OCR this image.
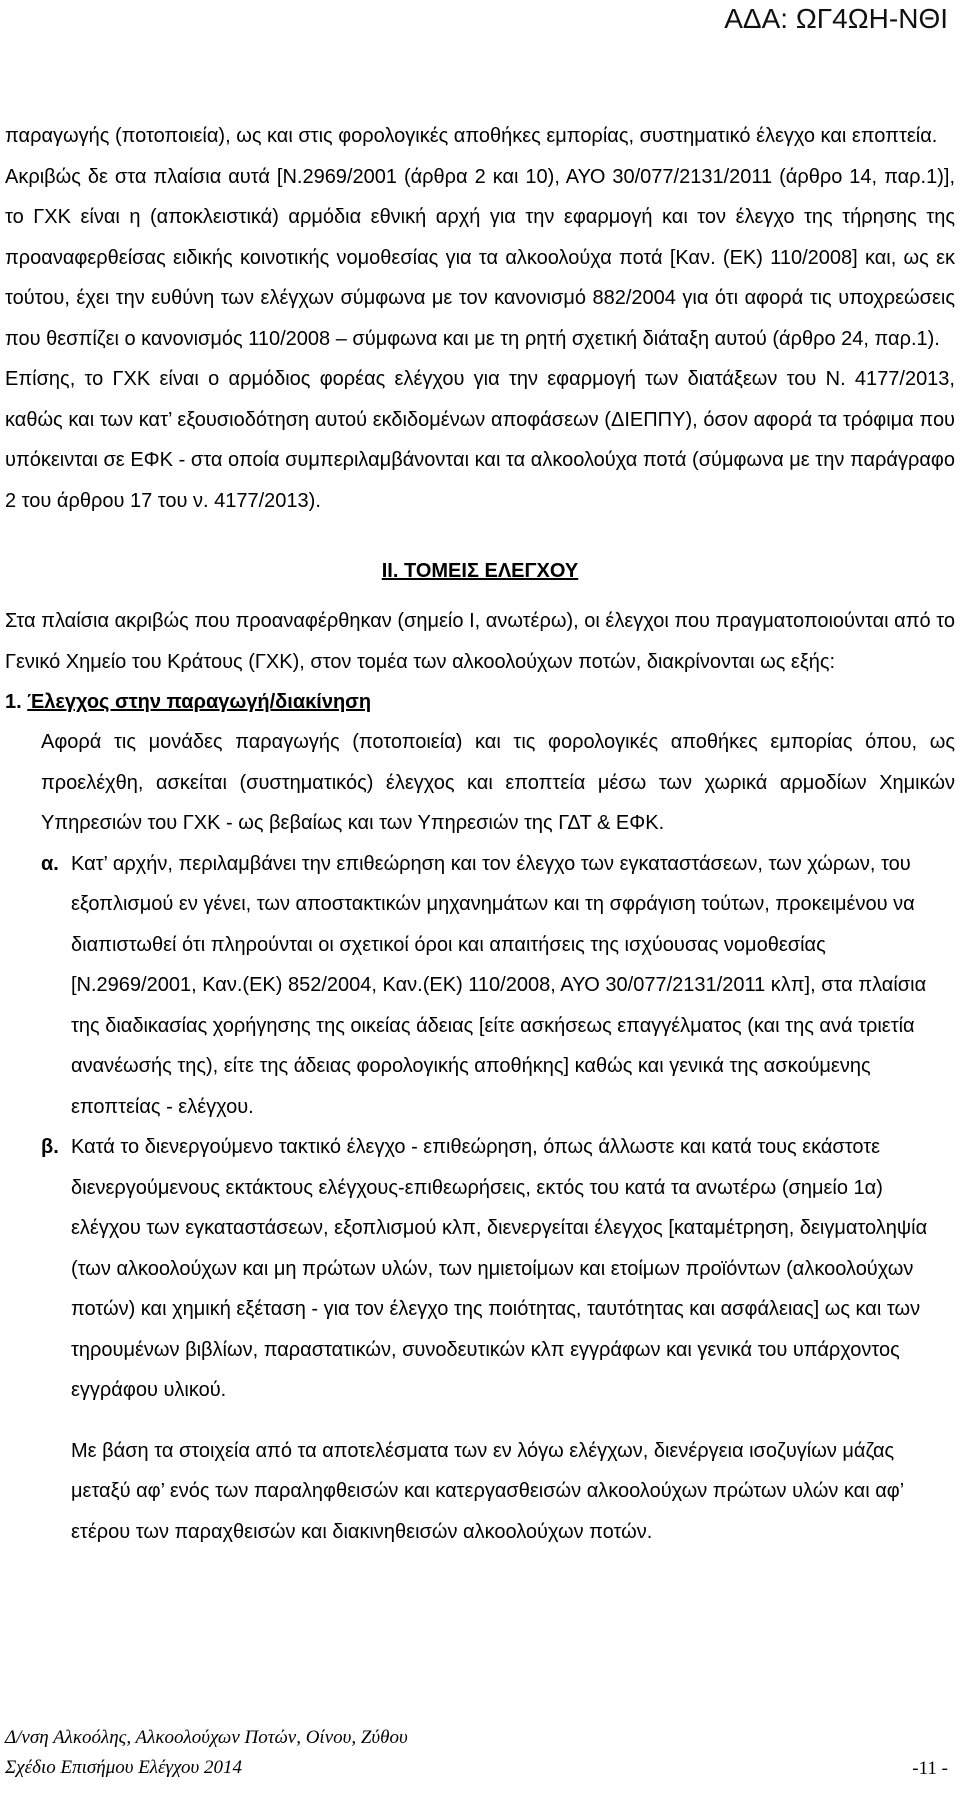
ΑΔΑ: ΩΓ4ΩΗ-ΝΘΙ

παραγωγής (ποτοποιεία), ως και στις φορολογικές αποθήκες εμπορίας, συστηματικό έλεγχο και εποπτεία.

Ακριβώς δε στα πλαίσια αυτά [Ν.2969/2001 (άρθρα 2 και 10), ΑΥΟ 30/077/2131/2011 (άρθρο 14, παρ.1)], το ΓΧΚ είναι η (αποκλειστικά) αρμόδια εθνική αρχή για την εφαρμογή και τον έλεγχο της τήρησης της προαναφερθείσας ειδικής κοινοτικής νομοθεσίας για τα αλκοολούχα ποτά [Καν. (ΕΚ) 110/2008] και, ως εκ τούτου, έχει την ευθύνη των ελέγχων σύμφωνα με τον κανονισμό 882/2004 για ότι αφορά τις υποχρεώσεις που θεσπίζει ο κανονισμός 110/2008 – σύμφωνα και με τη ρητή σχετική διάταξη αυτού (άρθρο 24, παρ.1).

Επίσης, το ΓΧΚ είναι ο αρμόδιος φορέας ελέγχου για την εφαρμογή των διατάξεων του Ν. 4177/2013, καθώς και των κατ’ εξουσιοδότηση αυτού εκδιδομένων αποφάσεων (ΔΙΕΠΠΥ), όσον αφορά τα τρόφιμα που υπόκεινται σε ΕΦΚ - στα οποία συμπεριλαμβάνονται και τα αλκοολούχα ποτά (σύμφωνα με την παράγραφο 2 του άρθρου 17 του ν. 4177/2013).

ΙΙ. ΤΟΜΕΙΣ ΕΛΕΓΧΟΥ

Στα πλαίσια ακριβώς που προαναφέρθηκαν (σημείο Ι, ανωτέρω), οι έλεγχοι που πραγματοποιούνται από το Γενικό Χημείο του Κράτους (ΓΧΚ), στον τομέα των αλκοολούχων ποτών, διακρίνονται ως εξής:

1. Έλεγχος στην παραγωγή/διακίνηση

Αφορά τις μονάδες παραγωγής (ποτοποιεία) και τις φορολογικές αποθήκες εμπορίας όπου, ως προελέχθη, ασκείται (συστηματικός) έλεγχος και εποπτεία μέσω των χωρικά αρμοδίων Χημικών Υπηρεσιών του ΓΧΚ - ως βεβαίως και των Υπηρεσιών της ΓΔΤ & ΕΦΚ.

α. Κατ’ αρχήν, περιλαμβάνει την επιθεώρηση και τον έλεγχο των εγκαταστάσεων, των χώρων, του εξοπλισμού εν γένει, των αποστακτικών μηχανημάτων και τη σφράγιση τούτων, προκειμένου να διαπιστωθεί ότι πληρούνται οι σχετικοί όροι και απαιτήσεις της ισχύουσας νομοθεσίας [Ν.2969/2001, Καν.(ΕΚ) 852/2004, Καν.(ΕΚ) 110/2008, ΑΥΟ 30/077/2131/2011 κλπ], στα πλαίσια της διαδικασίας χορήγησης της οικείας άδειας [είτε ασκήσεως επαγγέλματος (και της ανά τριετία ανανέωσής της), είτε της άδειας φορολογικής αποθήκης] καθώς και γενικά της ασκούμενης εποπτείας - ελέγχου.
β. Κατά το διενεργούμενο τακτικό έλεγχο - επιθεώρηση, όπως άλλωστε και κατά τους εκάστοτε διενεργούμενους εκτάκτους ελέγχους-επιθεωρήσεις, εκτός του κατά τα ανωτέρω (σημείο 1α) ελέγχου των εγκαταστάσεων, εξοπλισμού κλπ, διενεργείται έλεγχος [καταμέτρηση, δειγματοληψία (των αλκοολούχων και μη πρώτων υλών, των ημιετοίμων και ετοίμων προϊόντων (αλκοολούχων ποτών) και χημική εξέταση - για τον έλεγχο της ποιότητας, ταυτότητας και ασφάλειας] ως και των τηρουμένων βιβλίων, παραστατικών, συνοδευτικών κλπ εγγράφων και γενικά του υπάρχοντος εγγράφου υλικού.

Με βάση τα στοιχεία από τα αποτελέσματα των εν λόγω ελέγχων, διενέργεια ισοζυγίων μάζας μεταξύ αφ’ ενός των παραληφθεισών και κατεργασθεισών αλκοολούχων πρώτων υλών και αφ’ ετέρου των παραχθεισών και διακινηθεισών αλκοολούχων ποτών.

Δ/νση Αλκοόλης, Αλκοολούχων Ποτών, Οίνου, Ζύθου
Σχέδιο Επισήμου Ελέγχου 2014	-11 -
